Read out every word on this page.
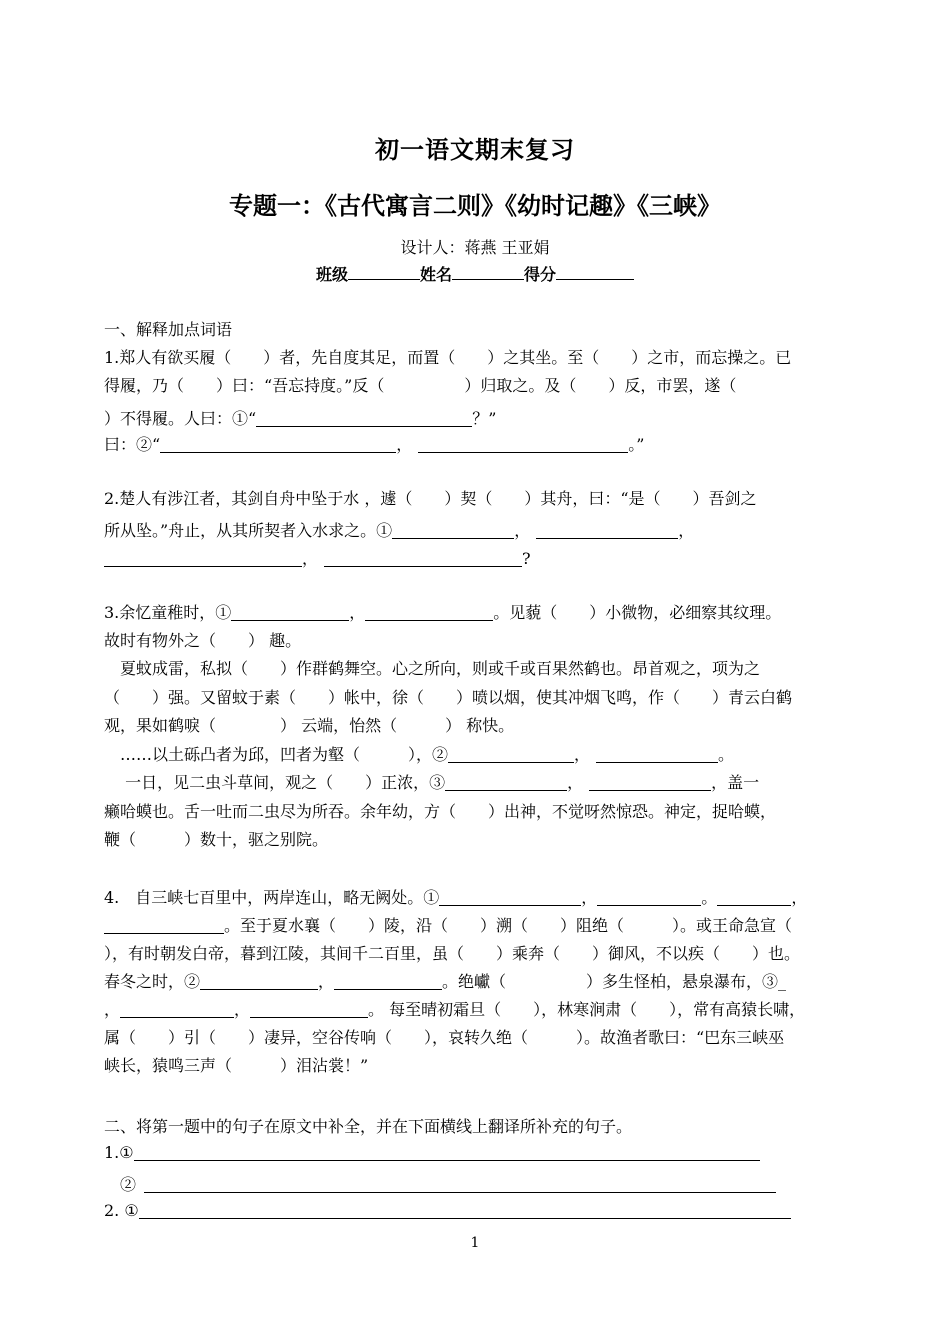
初一语文期末复习
专题一：《古代寓言二则》《幼时记趣》《三峡》
设计人：蒋燕 王亚娟
班级	姓名	得分
一、解释加点词语
1.郑人有欲买履（　　）者，先自度其足，而置（　　）之其坐。至（　　）之市，而忘操之。已
得履，乃（　　）曰：“吾忘持度。”反（　　　　　）归取之。及（　　）反，市罢，遂（
）不得履。人曰：①“	？”
曰：②“	，	。”
2.楚人有涉江者，其剑自舟中坠于水 ，遽（　　）契（　　）其舟，曰：“是（　　）吾剑之
所从坠。”舟止，从其所契者入水求之。①	，	，
，	?
3.余忆童稚时，①	，	。见藐（　　）小微物，必细察其纹理。
故时有物外之（　　） 趣。
　夏蚊成雷，私拟（　　）作群鹤舞空。心之所向，则或千或百果然鹤也。昂首观之，项为之
（　　）强。又留蚊于素（　　）帐中，徐（　　）喷以烟，使其冲烟飞鸣，作（　　）青云白鹤
观，果如鹤唳（　　　　） 云端，怡然（　　　） 称快。
　……以土砾凸者为邱，凹者为壑（　　　），②	，	。
　 一日，见二虫斗草间，观之（　　）正浓，③	，	，盖一
癞哈蟆也。舌一吐而二虫尽为所吞。余年幼，方（　　）出神，不觉呀然惊恐。神定，捉哈蟆，
鞭（　　　）数十，驱之别院。
4.　自三峡七百里中，两岸连山，略无阙处。①	，	。	，
。至于夏水襄（　　）陵，沿（　　）溯（　　）阻绝（　　　）。或王命急宣（
），有时朝发白帝，暮到江陵，其间千二百里，虽（　　）乘奔（　　）御风，不以疾（　　）也。
春冬之时，②	，	。绝巘（　　　　　）多生怪柏，悬泉瀑布，③_
，	，	。 每至晴初霜旦（　　），林寒涧肃（　　），常有高猿长啸，
属（　　）引（　　）凄异，空谷传响（　　），哀转久绝（　　　）。故渔者歌曰：“巴东三峡巫
峡长，猿鸣三声（　　　）泪沾裳！”
二、将第一题中的句子在原文中补全，并在下面横线上翻译所补充的句子。
1.①
　②
2. ①
1
